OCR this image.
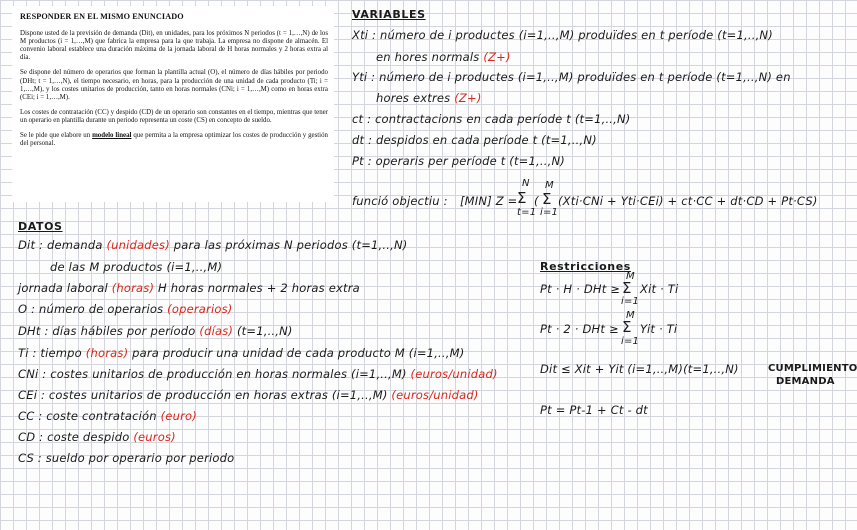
RESPONDER EN EL MISMO ENUNCIADO

Dispone usted de la previsión de demanda (Dit), en unidades, para los próximos N periodos (t = 1,…,N) de los M productos (i = 1,…,M) que fabrica la empresa para la que trabaja. La empresa no dispone de almacén. El convenio laboral establece una duración máxima de la jornada laboral de H horas normales y 2 horas extra al día.

Se dispone del número de operarios que forman la plantilla actual (O), el número de días hábiles por periodo (DHt; t = 1,…,N), el tiempo necesario, en horas, para la producción de una unidad de cada producto (Ti; i = 1,…,M), y los costes unitarios de producción, tanto en horas normales (CNi; i = 1,…,M) como en horas extra (CEi; i = 1,…,M).

Los costes de contratación (CC) y despido (CD) de un operario son constantes en el tiempo, mientras que tener un operario en plantilla durante un periodo representa un coste (CS) en concepto de sueldo.

Se le pide que elabore un modelo lineal que permita a la empresa optimizar los costes de producción y gestión del personal.

VARIABLES
Xti : número de i productes (i=1,..,M) produïdes en t període (t=1,..,N)
en hores normals (Z+)
Yti : número de i productes (i=1,..,M) produïdes en t període (t=1,..,N) en
hores extres (Z+)
ct : contractacions en cada període t (t=1,..,N)
dt : despidos en cada període t (t=1,..,N)
Pt : operaris per període t (t=1,..,N)
funció objectiu : [MIN] Z =
N
Σ
t=1
(
M
Σ
i=1
(Xti·CNi + Yti·CEi) + ct·CC + dt·CD + Pt·CS)
DATOS
Dit : demanda (unidades) para las próximas N periodos (t=1,..,N)
de las M productos (i=1,..,M)
jornada laboral (horas) H horas normales + 2 horas extra
O : número de operarios (operarios)
DHt : días hábiles por período (días) (t=1,..,N)
Ti : tiempo (horas) para producir una unidad de cada producto M (i=1,..,M)
CNi : costes unitarios de producción en horas normales (i=1,..,M) (euros/unidad)
CEi : costes unitarios de producción en horas extras (i=1,..,M) (euros/unidad)
CC : coste contratación (euro)
CD : coste despido (euros)
CS : sueldo por operario por periodo
Restricciones
Pt · H · DHt ≥
M
Σ
i=1
Xit · Ti
Pt · 2 · DHt ≥
M
Σ
i=1
Yit · Ti
Dit ≤ Xit + Yit (i=1,..,M)(t=1,..,N)	CUMPLIMIENTO
DEMANDA
Pt = Pt-1 + Ct - dt
